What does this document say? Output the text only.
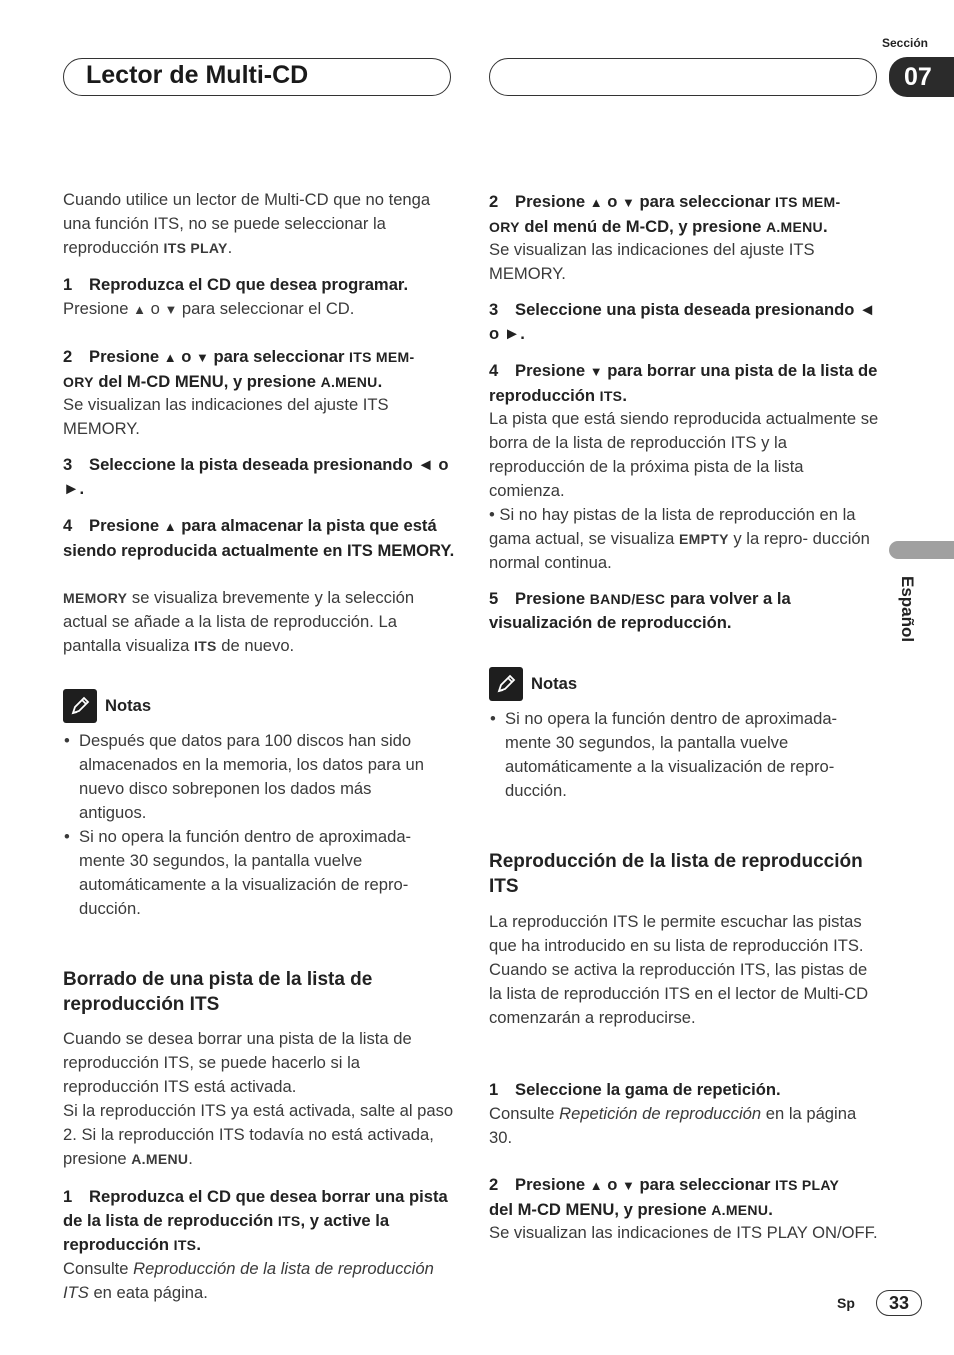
Lector de Multi-CD
Sección
07
Español

Cuando utilice un lector de Multi-CD que no tenga una función ITS, no se puede seleccionar la reproducción ITS PLAY.

1 Reproduzca el CD que desea programar.

Presione ▲ o ▼ para seleccionar el CD.

2 Presione ▲ o ▼ para seleccionar ITS MEM-
ORY del M-CD MENU, y presione A.MENU.

Se visualizan las indicaciones del ajuste ITS MEMORY.

3 Seleccione la pista deseada presionando ◄ o ►.

4 Presione ▲ para almacenar la pista que está siendo reproducida actualmente en ITS MEMORY.

MEMORY se visualiza brevemente y la selección actual se añade a la lista de reproducción. La pantalla visualiza ITS de nuevo.

Notas
• Después que datos para 100 discos han sido almacenados en la memoria, los datos para un nuevo disco sobreponen los dados más antiguos.
• Si no opera la función dentro de aproximada- mente 30 segundos, la pantalla vuelve automáticamente a la visualización de repro- ducción.
Borrado de una pista de la lista de reproducción ITS

Cuando se desea borrar una pista de la lista de reproducción ITS, se puede hacerlo si la reproducción ITS está activada.

Si la reproducción ITS ya está activada, salte al paso 2. Si la reproducción ITS todavía no está activada, presione A.MENU.

1 Reproduzca el CD que desea borrar una pista de la lista de reproducción ITS, y active la reproducción ITS.

Consulte Reproducción de la lista de reproducción ITS en eata página.

2 Presione ▲ o ▼ para seleccionar ITS MEM-
ORY del menú de M-CD, y presione A.MENU.

Se visualizan las indicaciones del ajuste ITS MEMORY.

3 Seleccione una pista deseada presionando ◄ o ►.

4 Presione ▼ para borrar una pista de la lista de reproducción ITS.

La pista que está siendo reproducida actualmente se borra de la lista de reproducción ITS y la reproducción de la próxima pista de la lista comienza.

• Si no hay pistas de la lista de reproducción en la gama actual, se visualiza EMPTY y la repro- ducción normal continua.

5 Presione BAND/ESC para volver a la visualización de reproducción.

Notas
• Si no opera la función dentro de aproximada- mente 30 segundos, la pantalla vuelve automáticamente a la visualización de repro- ducción.
Reproducción de la lista de reproducción ITS

La reproducción ITS le permite escuchar las pistas que ha introducido en su lista de reproducción ITS. Cuando se activa la reproducción ITS, las pistas de la lista de reproducción ITS en el lector de Multi-CD comenzarán a reproducirse.

1 Seleccione la gama de repetición.

Consulte Repetición de reproducción en la página 30.

2 Presione ▲ o ▼ para seleccionar ITS PLAY
del M-CD MENU, y presione A.MENU.

Se visualizan las indicaciones de ITS PLAY ON/OFF.

Sp	33
